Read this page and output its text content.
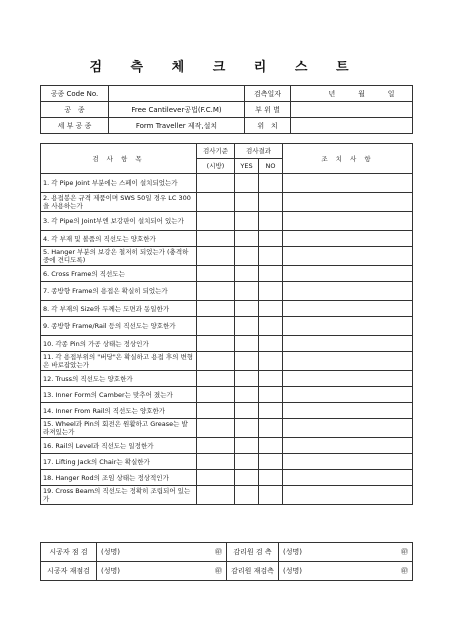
검 측 체 크 리 스 트
공종 Code No.		검측일자	년 월 일

공   종	Free Cantilever공법(F.C.M)	부 위 별	
세 부 공 종	Form Traveller 제작,설치	위   치	
검 사 항 목	검사기준	검사결과		조 치 사 항
	(시방)	YES	NO	
1. 각 Pipe Joint 부분에는 스페이 설치되었는가				
2. 용접봉은 규격 제품이며 SWS 50일 경우 LC 300을 사용하는가				
3. 각 Pipe의 Joint부엔 보강판이 설치되어 있는가				
4. 각 부재 및 볼품의 직선도는 양호한가				
5. Hanger 부분의 보강은 철저히 되었는가 (충격하중에 견디도록)				
6. Cross Frame의 직선도는				
7. 종방향 Frame의 용접은 확실히 되었는가				
8. 각 부재의 Size와 두께는 도면과 동일한가				
9. 종방향 Frame/Rail 등의 직선도는 양호한가				
10. 각종 Pin의 가공 상태는 정상인가				
11. 각 용접부위의 "버당"은 확실하고 용접 후의 변형은 바로잡았는가				
12. Truss의 직선도는 양호한가				
13. Inner Form의 Camber는 맞추어 졌는가				
14. Inner From Rail의 직선도는 양호한가				
15. Wheel과 Pin의 회전은 원활하고 Grease는 발라져있는가				
16. Rail의 Level과 직선도는 일정한가				
17. Lifting Jack의 Chair는 확실한가				
18. Hanger Rod의 조임 상태는 정상적인가				
19. Cross Beam의 직선도는 정확히 조립되어 있는가				
시공자 점 검	(성명) ㊞	감리원 검 측	(성명) ㊞

시공자 재점검	(성명) ㊞	감리원 재검측	(성명) ㊞
